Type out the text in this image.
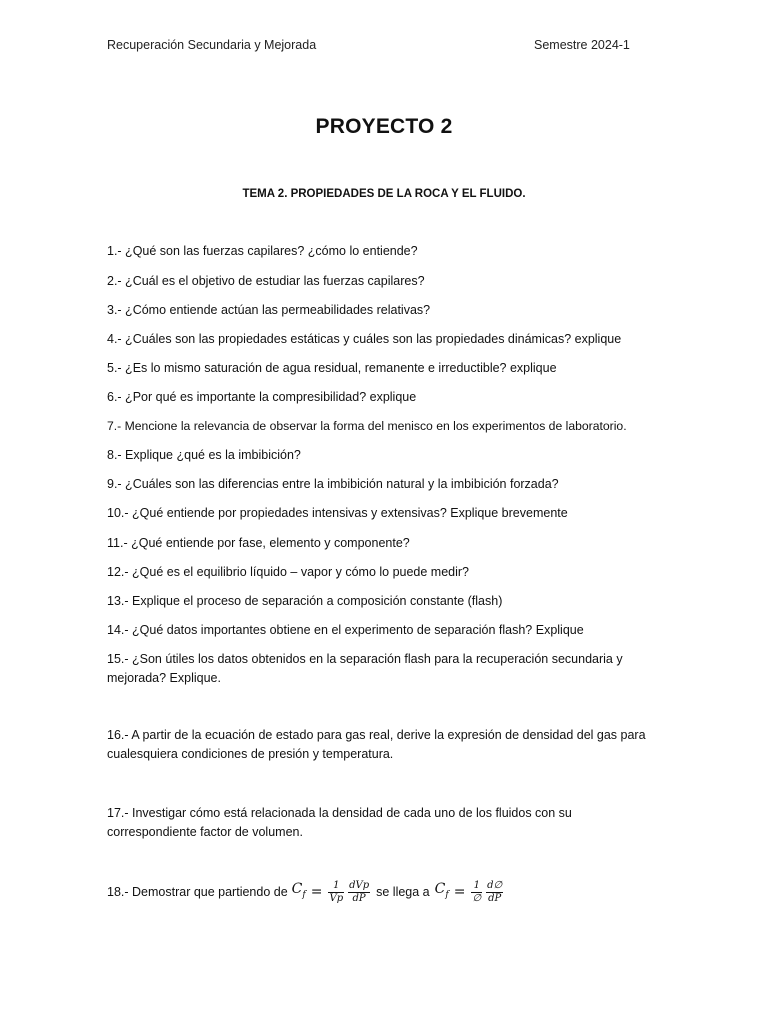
Recuperación Secundaria y Mejorada	Semestre 2024-1
PROYECTO 2
TEMA 2. PROPIEDADES DE LA ROCA Y EL FLUIDO.
1.- ¿Qué son las fuerzas capilares? ¿cómo lo entiende?
2.- ¿Cuál es el objetivo de estudiar las fuerzas capilares?
3.- ¿Cómo entiende actúan las permeabilidades relativas?
4.- ¿Cuáles son las propiedades estáticas y cuáles son las propiedades dinámicas? explique
5.- ¿Es lo mismo saturación de agua residual, remanente e irreductible? explique
6.- ¿Por qué es importante la compresibilidad? explique
7.- Mencione la relevancia de observar la forma del menisco en los experimentos de laboratorio.
8.- Explique ¿qué es la imbibición?
9.- ¿Cuáles son las diferencias entre la imbibición natural y la imbibición forzada?
10.- ¿Qué entiende por propiedades intensivas y extensivas? Explique brevemente
11.- ¿Qué entiende por fase, elemento y componente?
12.- ¿Qué es el equilibrio líquido – vapor y cómo lo puede medir?
13.- Explique el proceso de separación a composición constante (flash)
14.- ¿Qué datos importantes obtiene en el experimento de separación flash? Explique
15.- ¿Son útiles los datos obtenidos en la separación flash para la recuperación secundaria y mejorada? Explique.
16.- A partir de la ecuación de estado para gas real, derive la expresión de densidad del gas para cualesquiera condiciones de presión y temperatura.
17.- Investigar cómo está relacionada la densidad de cada uno de los fluidos con su correspondiente factor de volumen.
18.- Demostrar que partiendo de $C_f = \frac{1}{Vp} \frac{\text{dVp}}{dP}$ se llega a $C_f = \frac{1}{\emptyset} \frac{d\emptyset}{dP}$
